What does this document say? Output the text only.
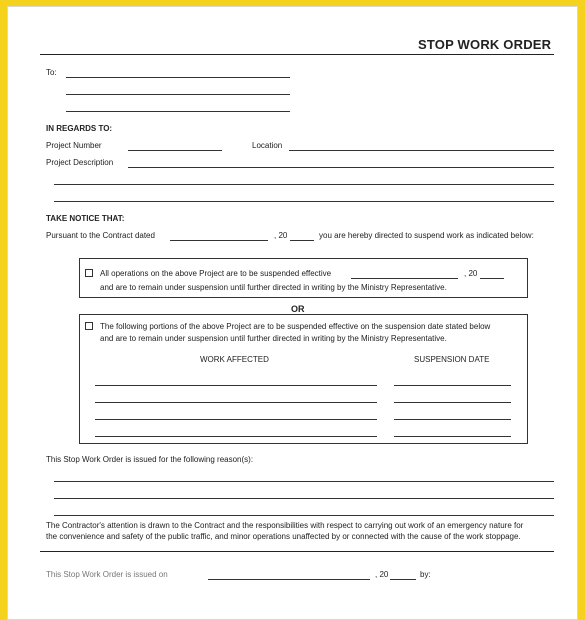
STOP WORK ORDER
To:
IN REGARDS TO:
Project Number	Location
Project Description
TAKE NOTICE THAT:
Pursuant to the Contract dated	, 20	you are hereby directed to suspend work as indicated below:
All operations on the above Project are to be suspended effective	, 20
and are to remain under suspension until further directed in writing by the Ministry Representative.
OR
The following portions of the above Project are to be suspended effective on the suspension date stated below
and are to remain under suspension until further directed in writing by the Ministry Representative.
WORK AFFECTED	SUSPENSION DATE
This Stop Work Order is issued for the following reason(s):
The Contractor's attention is drawn to the Contract and the responsibilities with respect to carrying out work of an emergency nature for
the convenience and safety of the public traffic, and minor operations unaffected by or connected with the cause of the work stoppage.
This Stop Work Order is issued on	, 20	by:
